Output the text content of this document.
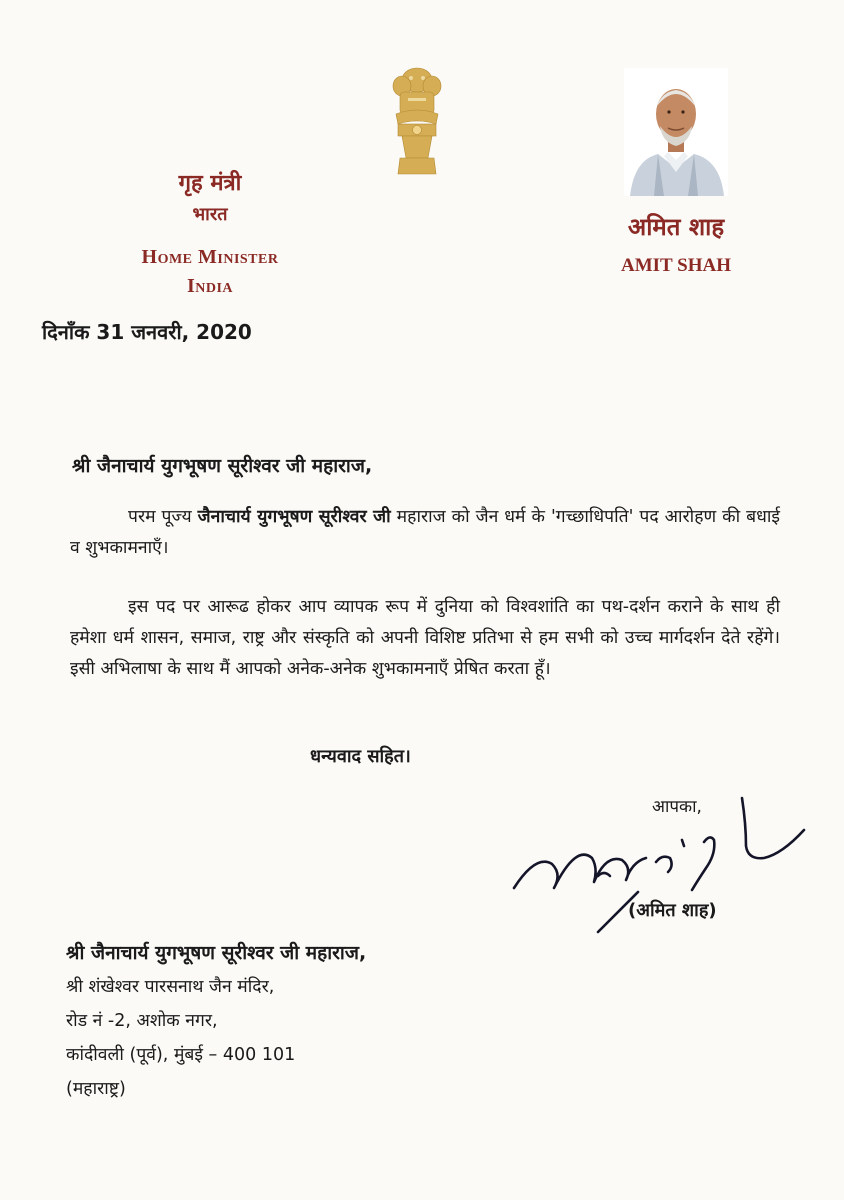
गृह मंत्री
भारत
Home Minister
India
अमित शाह
AMIT SHAH
दिनाँक 31 जनवरी, 2020
श्री जैनाचार्य युगभूषण सूरीश्वर जी महाराज,
परम पूज्य जैनाचार्य युगभूषण सूरीश्वर जी महाराज को जैन धर्म के 'गच्छाधिपति' पद आरोहण की बधाई व शुभकामनाएँ।
इस पद पर आरूढ होकर आप व्यापक रूप में दुनिया को विश्वशांति का पथ-दर्शन कराने के साथ ही हमेशा धर्म शासन, समाज, राष्ट्र और संस्कृति को अपनी विशिष्ट प्रतिभा से हम सभी को उच्च मार्गदर्शन देते रहेंगे। इसी अभिलाषा के साथ मैं आपको अनेक-अनेक शुभकामनाएँ प्रेषित करता हूँ।
धन्यवाद सहित।
आपका,
(अमित शाह)
श्री जैनाचार्य युगभूषण सूरीश्वर जी महाराज,
श्री शंखेश्वर पारसनाथ जैन मंदिर,
रोड नं -2, अशोक नगर,
कांदीवली (पूर्व), मुंबई – 400 101
(महाराष्ट्र)
